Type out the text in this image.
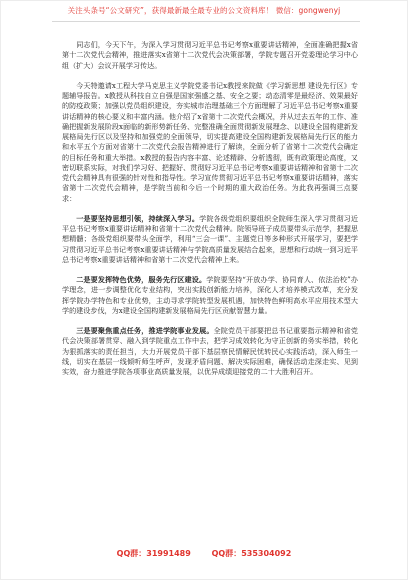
关注头条号“公文研究”，获得最新最全最专业的公文资料库！ 微信：gongwenyj

同志们，今天下午，为深入学习贯彻习近平总书记考察x重要讲话精神，全面准确把握x省第十二次党代会精神，推进落实x省第十二次党代会决策部署，学院专题召开党委理论学习中心组（扩大）会议开展学习传达。

今天特邀请x工程大学马克思主义学院党委书记x教授来院做《学习新思想 建设先行区》专题辅导报告。x教授从科技自立自强是国家强盛之基、安全之要；动态清零是最经济、效果最好的防疫政策；加强以党员组织建设，夯实城市治理基础三个方面理解了习近平总书记考察x重要讲话精神的核心要义和丰富内涵。他介绍了x省第十二次党代会概况，并从过去五年的工作、准确把握新发展阶段x面临的新形势新任务、完整准确全面贯彻新发展理念、以建设全国构建新发展格局先行区以及坚持和加强党的全面领导，切实提高建设全国构建新发展格局先行区的能力和水平五个方面对省第十二次党代会报告精神进行了解读，全面分析了省第十二次党代会确定的目标任务和重大举措。x教授的报告内容丰富、论述精辟、分析透彻，既有政策理论高度，又密切联系实际，对我们学习好、把握好、贯彻好习近平总书记考察x重要讲话精神和省第十二次党代会精神具有很强的针对性和指导性。学习宣传贯彻习近平总书记考察x重要讲话精神，落实省第十二次党代会精神，是学院当前和今后一个时期的重大政治任务。为此我再强调三点要求：

一是要坚持思想引领，持续深入学习。学院各级党组织要组织全院师生深入学习贯彻习近平总书记考察x重要讲话精神和省第十二次党代会精神。院领导班子成员要带头示范学，把握思想精髓；各级党组织要带头全面学，利用“三会一课”、主题党日等多种形式开展学习，要把学习贯彻习近平总书记考察x重要讲话精神与学院高质量发展结合起来，思想和行动统一到习近平总书记考察x重要讲话精神和省第十二次党代会精神上来。

二是要发挥特色优势，服务先行区建设。学院要坚持“开放办学、协同育人、依法治校”办学理念，进一步调整优化专业结构，突出实践创新能力培养，深化人才培养模式改革，充分发挥学院办学特色和专业优势，主动寻求学院转型发展机遇，加快特色鲜明高水平应用技术型大学的建设步伐，为x建设全国构建新发展格局先行区贡献智慧力量。

三是要聚焦重点任务，推进学院事业发展。全院党员干部要把总书记重要指示精神和省党代会决策部署贯穿、融入到学院重点工作中去，把学习成效转化为守正创新的务实举措，转化为狠抓落实的责任担当，大力开展党员干部下基层察民情解民忧转民心实践活动，深入师生一线，切实在基层一线倾听师生呼声，发现矛盾问题、解决实际困难，确保活动走深走实、见到实效，奋力推进学院各项事业高质量发展，以优异成绩迎接党的二十大胜利召开。

QQ群：31991489	QQ群：535304092
